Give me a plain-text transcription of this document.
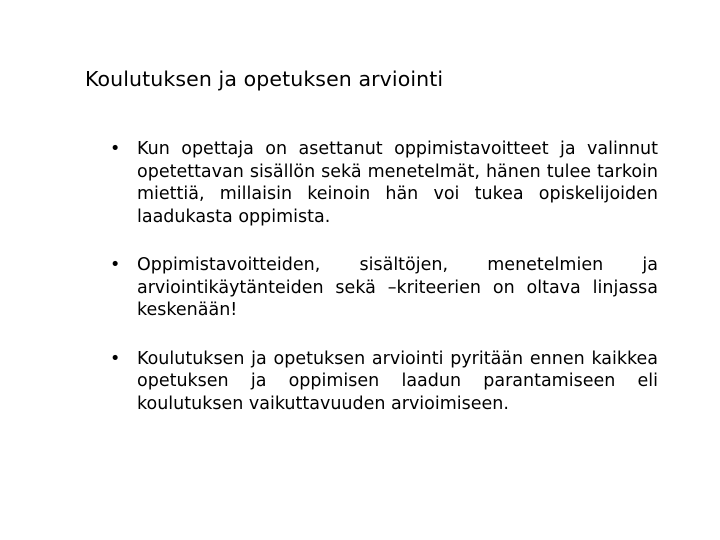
Koulutuksen ja opetuksen arviointi
• Kun opettaja on asettanut oppimistavoitteet ja valinnut opetettavan sisällön sekä menetelmät, hänen tulee tarkoin miettiä, millaisin keinoin hän voi tukea opiskelijoiden laadukasta oppimista.
• Oppimistavoitteiden, sisältöjen, menetelmien ja arviointikäytänteiden sekä –kriteerien on oltava linjassa keskenään!
• Koulutuksen ja opetuksen arviointi pyritään ennen kaikkea opetuksen ja oppimisen laadun parantamiseen eli koulutuksen vaikuttavuuden arvioimiseen.
